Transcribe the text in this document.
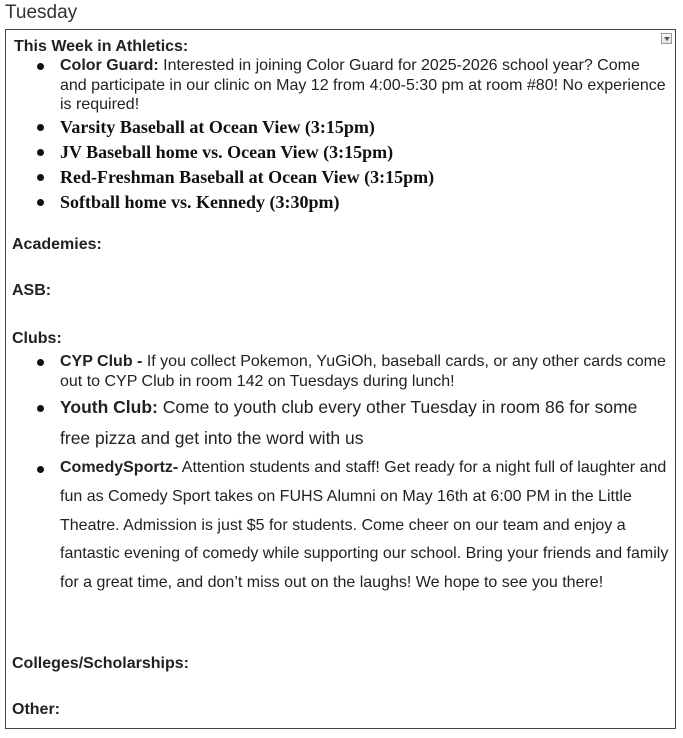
Tuesday
This Week in Athletics:
Color Guard: Interested in joining Color Guard for 2025-2026 school year? Come and participate in our clinic on May 12 from 4:00-5:30 pm at room #80! No experience is required!
Varsity Baseball at Ocean View (3:15pm)
JV Baseball home vs. Ocean View (3:15pm)
Red-Freshman Baseball at Ocean View (3:15pm)
Softball home vs. Kennedy (3:30pm)
Academies:
ASB:
Clubs:
CYP Club - If you collect Pokemon, YuGiOh, baseball cards, or any other cards come out to CYP Club in room 142 on Tuesdays during lunch!
Youth Club: Come to youth club every other Tuesday in room 86 for some free pizza and get into the word with us
ComedySportz- Attention students and staff! Get ready for a night full of laughter and fun as Comedy Sport takes on FUHS Alumni on May 16th at 6:00 PM in the Little Theatre. Admission is just $5 for students. Come cheer on our team and enjoy a fantastic evening of comedy while supporting our school. Bring your friends and family for a great time, and don’t miss out on the laughs! We hope to see you there!
Colleges/Scholarships:
Other:
